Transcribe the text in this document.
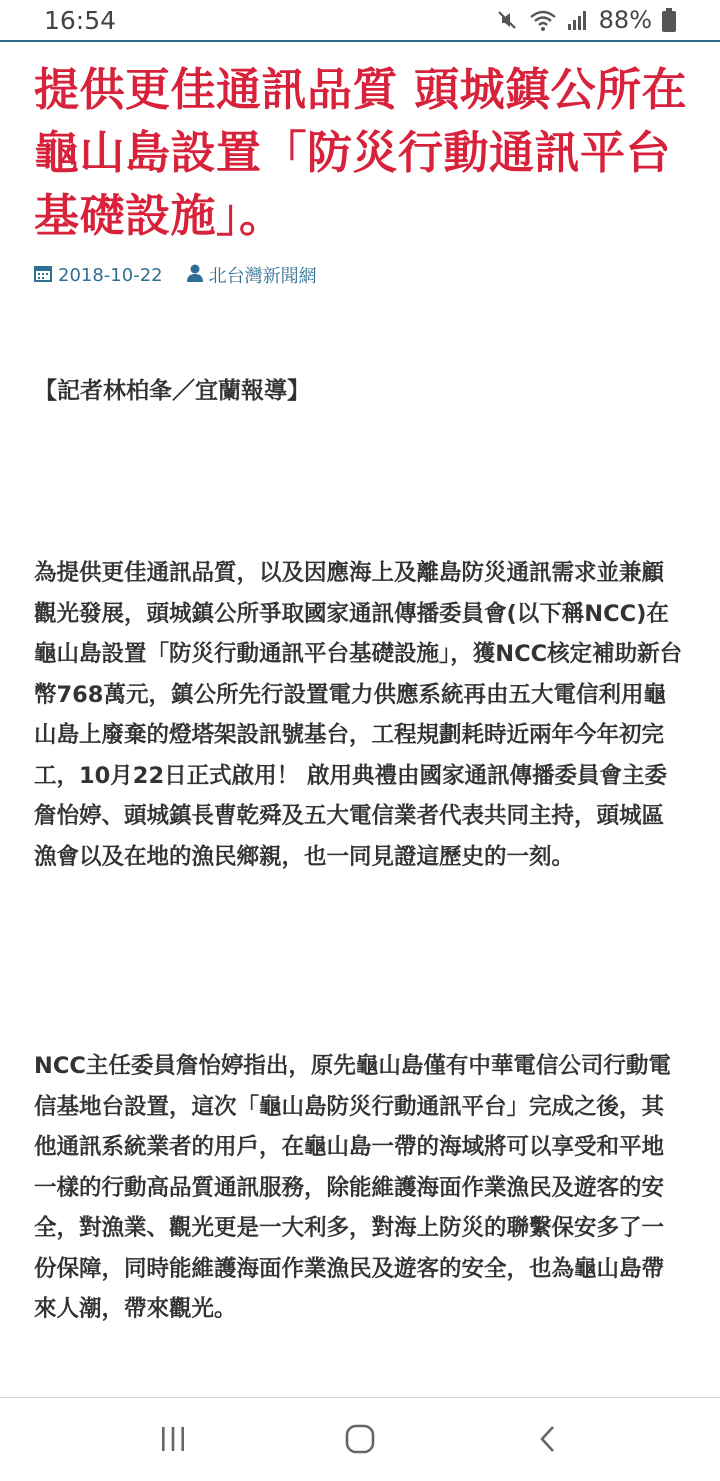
16:54	88%
提供更佳通訊品質 頭城鎮公所在龜山島設置「防災行動通訊平台基礎設施」。
2018-10-22	北台灣新聞網
【記者林柏夆／宜蘭報導】

為提供更佳通訊品質，以及因應海上及離島防災通訊需求並兼顧觀光發展，頭城鎮公所爭取國家通訊傳播委員會(以下稱NCC)在龜山島設置「防災行動通訊平台基礎設施」，獲NCC核定補助新台幣768萬元，鎮公所先行設置電力供應系統再由五大電信利用龜山島上廢棄的燈塔架設訊號基台，工程規劃耗時近兩年今年初完工，10月22日正式啟用！ 啟用典禮由國家通訊傳播委員會主委詹怡婷、頭城鎮長曹乾舜及五大電信業者代表共同主持，頭城區漁會以及在地的漁民鄉親，也一同見證這歷史的一刻。

NCC主任委員詹怡婷指出，原先龜山島僅有中華電信公司行動電信基地台設置，這次「龜山島防災行動通訊平台」完成之後，其他通訊系統業者的用戶，在龜山島一帶的海域將可以享受和平地一樣的行動高品質通訊服務，除能維護海面作業漁民及遊客的安全，對漁業、觀光更是一大利多，對海上防災的聯繫保安多了一份保障，同時能維護海面作業漁民及遊客的安全，也為龜山島帶來人潮，帶來觀光。
